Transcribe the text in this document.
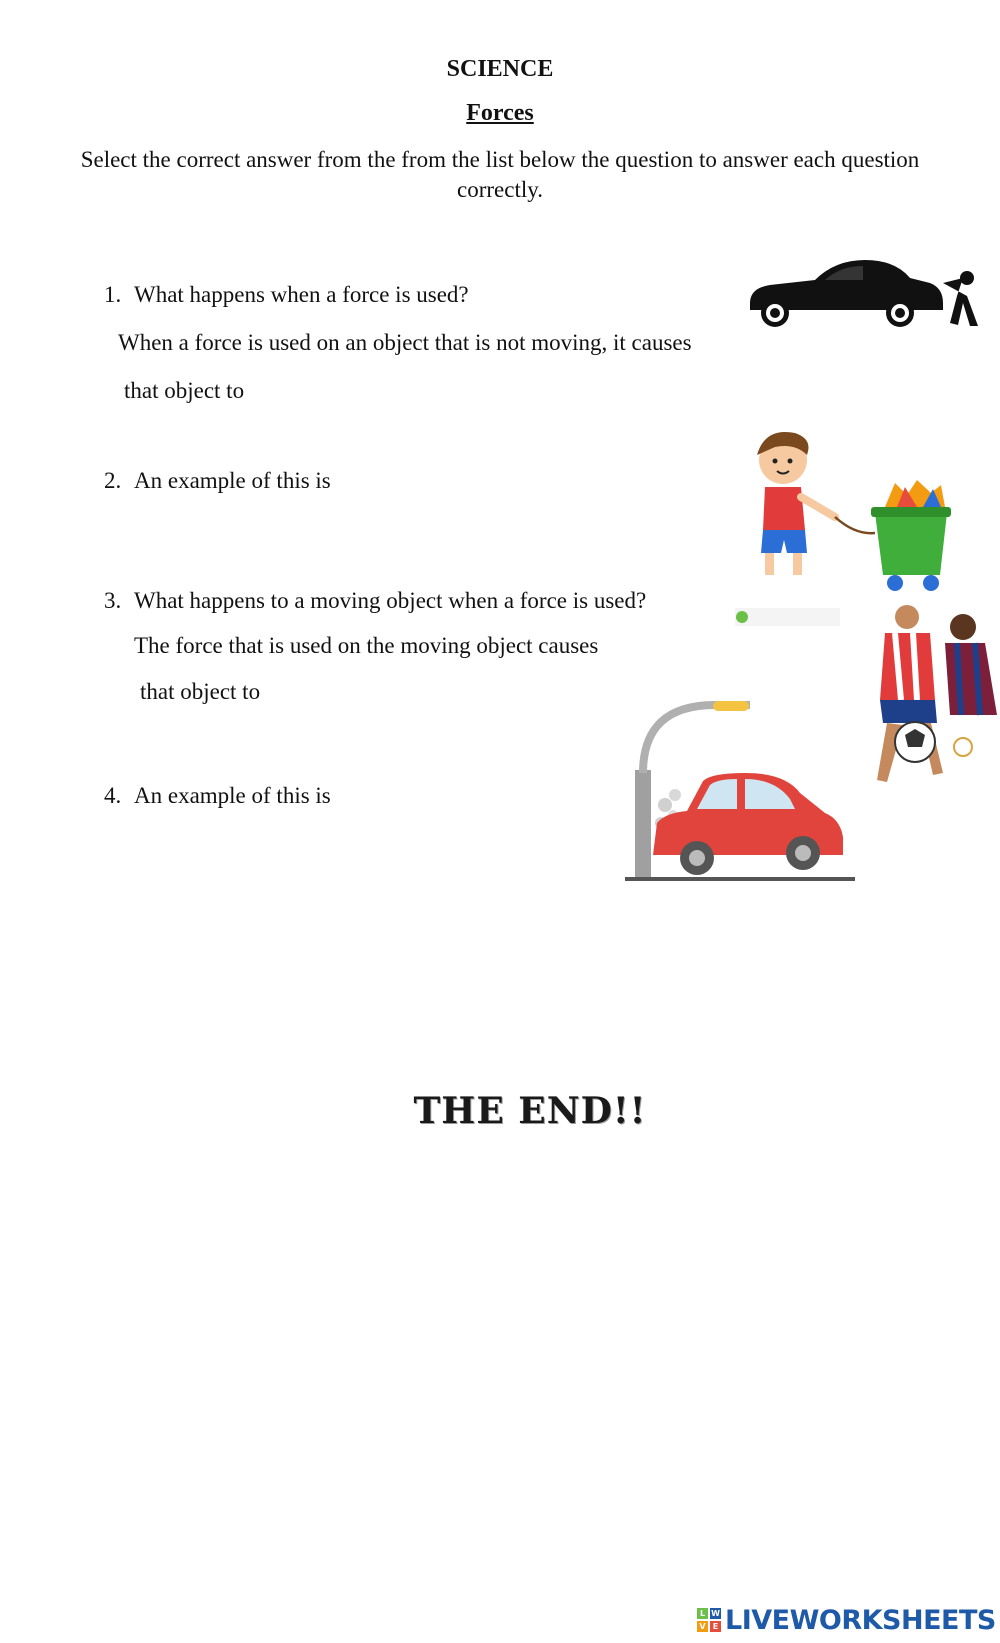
SCIENCE
Forces
Select the correct answer from the from the list below the question to answer each question correctly.
1. What happens when a force is used?
When a force is used on an object that is not moving, it causes
that object to
2. An example of this is
3. What happens to a moving object when a force is used?
The force that is used on the moving object causes
that object to
4. An example of this is
THE END!!
L W
V E LIVEWORKSHEETS
